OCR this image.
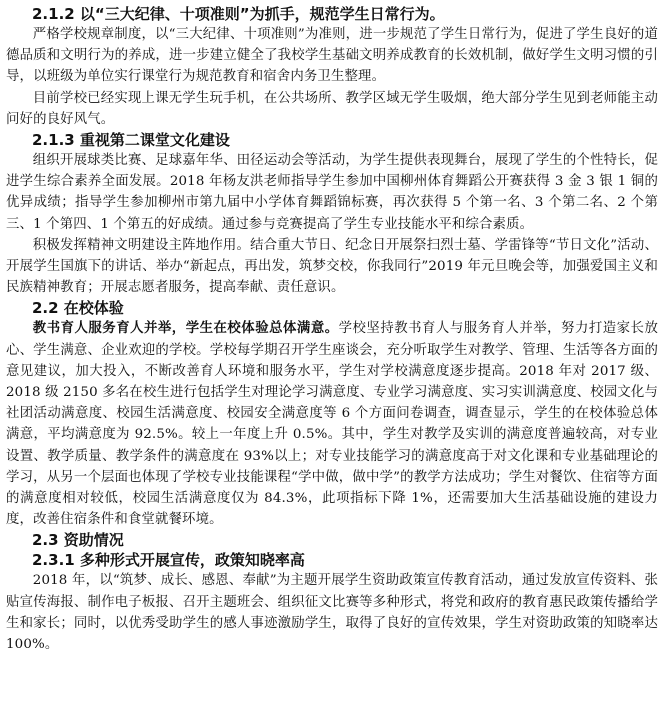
2.1.2 以“三大纪律、十项准则”为抓手，规范学生日常行为。

严格学校规章制度，以“三大纪律、十项准则”为准则，进一步规范了学生日常行为，促进了学生良好的道德品质和文明行为的养成，进一步建立健全了我校学生基础文明养成教育的长效机制，做好学生文明习惯的引导，以班级为单位实行课堂行为规范教育和宿舍内务卫生整理。

目前学校已经实现上课无学生玩手机，在公共场所、教学区域无学生吸烟，绝大部分学生见到老师能主动问好的良好风气。

2.1.3 重视第二课堂文化建设

组织开展球类比赛、足球嘉年华、田径运动会等活动，为学生提供表现舞台，展现了学生的个性特长，促进学生综合素养全面发展。2018 年杨友洪老师指导学生参加中国柳州体育舞蹈公开赛获得 3 金 3 银 1 铜的优异成绩；指导学生参加柳州市第九届中小学体育舞蹈锦标赛，再次获得 5 个第一名、3 个第二名、2 个第三、1 个第四、1 个第五的好成绩。通过参与竞赛提高了学生专业技能水平和综合素质。

积极发挥精神文明建设主阵地作用。结合重大节日、纪念日开展祭扫烈士墓、学雷锋等“节日文化”活动、开展学生国旗下的讲话、举办“新起点，再出发，筑梦交校，你我同行”2019 年元旦晚会等，加强爱国主义和民族精神教育；开展志愿者服务，提高奉献、责任意识。

2.2 在校体验

教书育人服务育人并举，学生在校体验总体满意。学校坚持教书育人与服务育人并举，努力打造家长放心、学生满意、企业欢迎的学校。学校每学期召开学生座谈会，充分听取学生对教学、管理、生活等各方面的意见建议，加大投入，不断改善育人环境和服务水平，学生对学校满意度逐步提高。2018 年对 2017 级、2018 级 2150 多名在校生进行包括学生对理论学习满意度、专业学习满意度、实习实训满意度、校园文化与社团活动满意度、校园生活满意度、校园安全满意度等 6 个方面问卷调查，调查显示，学生的在校体验总体满意，平均满意度为 92.5%。较上一年度上升 0.5%。其中，学生对教学及实训的满意度普遍较高，对专业设置、教学质量、教学条件的满意度在 93%以上；对专业技能学习的满意度高于对文化课和专业基础理论的学习，从另一个层面也体现了学校专业技能课程“学中做，做中学”的教学方法成功；学生对餐饮、住宿等方面的满意度相对较低，校园生活满意度仅为 84.3%，此项指标下降 1%，还需要加大生活基础设施的建设力度，改善住宿条件和食堂就餐环境。

2.3 资助情况

2.3.1 多种形式开展宣传，政策知晓率高

2018 年，以“筑梦、成长、感恩、奉献”为主题开展学生资助政策宣传教育活动，通过发放宣传资料、张贴宣传海报、制作电子板报、召开主题班会、组织征文比赛等多种形式，将党和政府的教育惠民政策传播给学生和家长；同时，以优秀受助学生的感人事迹激励学生，取得了良好的宣传效果，学生对资助政策的知晓率达 100%。
